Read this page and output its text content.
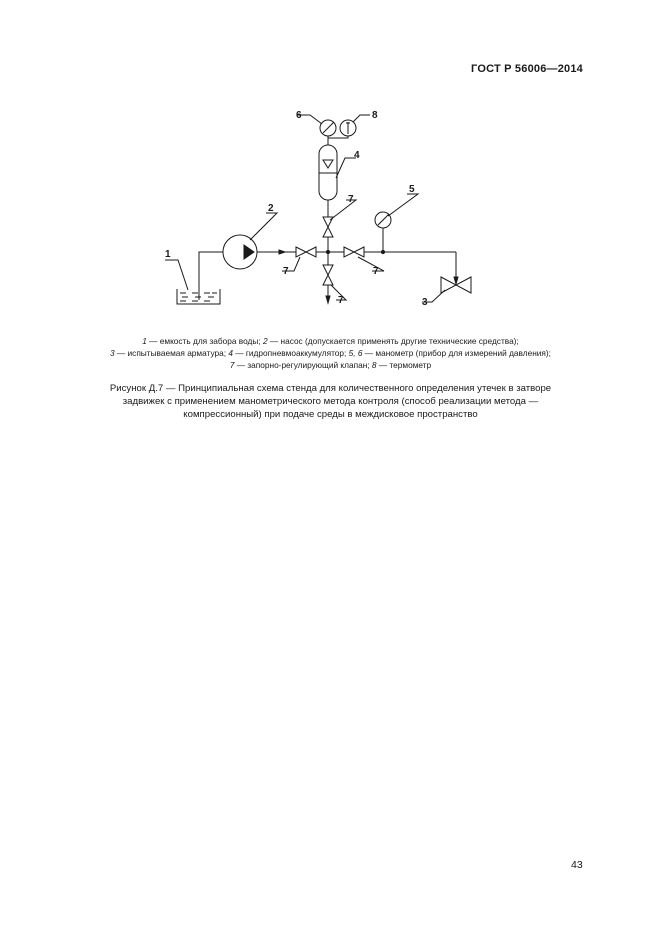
ГОСТ Р 56006—2014
1
2
6	8
4
5
7
7	7
7	3
1 — емкость для забора воды; 2 — насос (допускается применять другие технические средства);
3 — испытываемая арматура; 4 — гидропневмоаккумулятор; 5, 6 — манометр (прибор для измерений давления);
7 — запорно-регулирующий клапан; 8 — термометр
Рисунок Д.7 — Принципиальная схема стенда для количественного определения утечек в затворе
задвижек с применением манометрического метода контроля (способ реализации метода —
компрессионный) при подаче среды в междисковое пространство
43
